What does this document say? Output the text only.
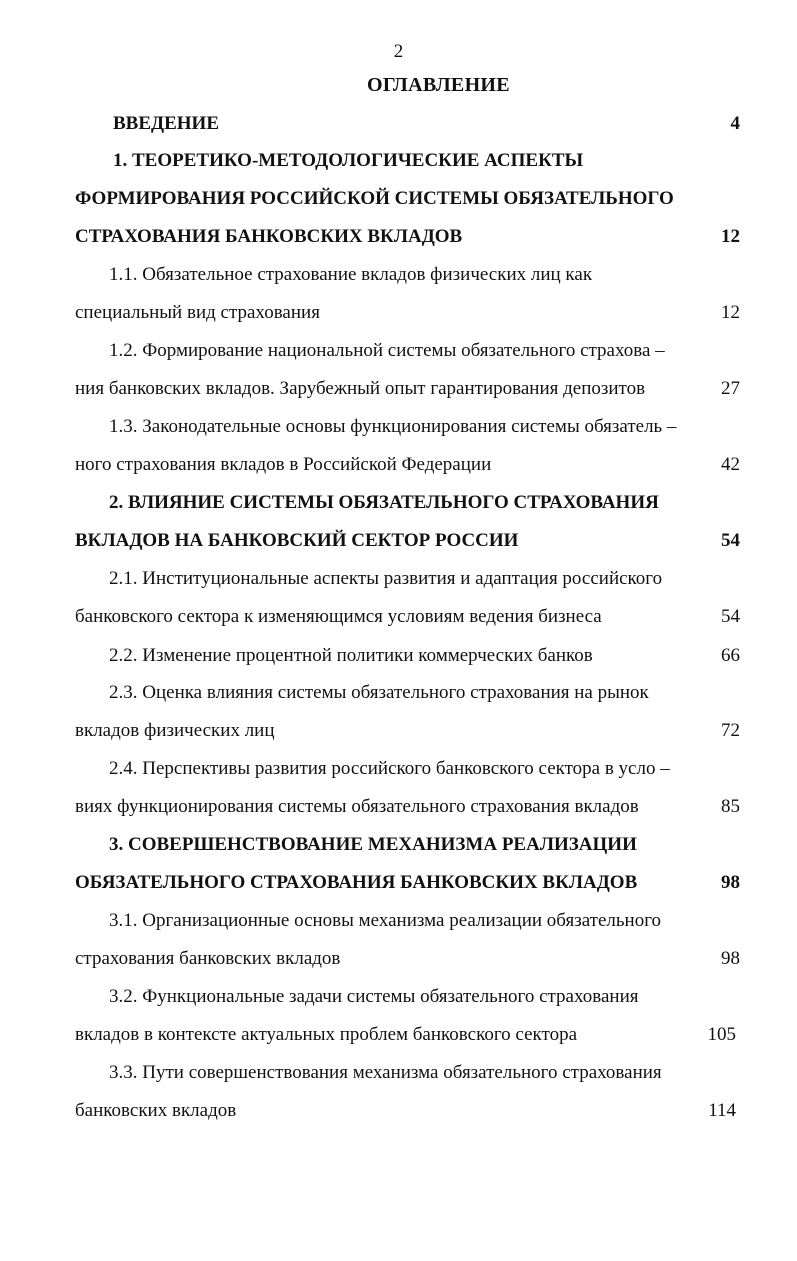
2
ОГЛАВЛЕНИЕ
ВВЕДЕНИЕ	4
1. ТЕОРЕТИКО-МЕТОДОЛОГИЧЕСКИЕ АСПЕКТЫ
ФОРМИРОВАНИЯ РОССИЙСКОЙ СИСТЕМЫ ОБЯЗАТЕЛЬНОГО
СТРАХОВАНИЯ БАНКОВСКИХ ВКЛАДОВ	12
1.1. Обязательное страхование вкладов физических лиц как
специальный вид страхования	12
1.2. Формирование национальной системы обязательного страхова –
ния банковских вкладов. Зарубежный опыт гарантирования депозитов	27
1.3. Законодательные основы функционирования системы обязатель –
ного страхования вкладов в Российской Федерации	42
2. ВЛИЯНИЕ СИСТЕМЫ ОБЯЗАТЕЛЬНОГО СТРАХОВАНИЯ
ВКЛАДОВ НА БАНКОВСКИЙ СЕКТОР РОССИИ	54
2.1. Институциональные аспекты развития и адаптация российского
банковского сектора к изменяющимся условиям ведения бизнеса	54
2.2. Изменение процентной политики коммерческих банков	66
2.3. Оценка влияния системы обязательного страхования на рынок
вкладов физических лиц	72
2.4. Перспективы развития российского банковского сектора в усло –
виях функционирования системы обязательного страхования вкладов	85
3. СОВЕРШЕНСТВОВАНИЕ МЕХАНИЗМА РЕАЛИЗАЦИИ
ОБЯЗАТЕЛЬНОГО СТРАХОВАНИЯ БАНКОВСКИХ ВКЛАДОВ	98
3.1. Организационные основы механизма реализации обязательного
страхования банковских вкладов	98
3.2. Функциональные задачи системы обязательного страхования
вкладов в контексте актуальных проблем банковского сектора	105
3.3. Пути совершенствования механизма обязательного страхования
банковских вкладов	114
